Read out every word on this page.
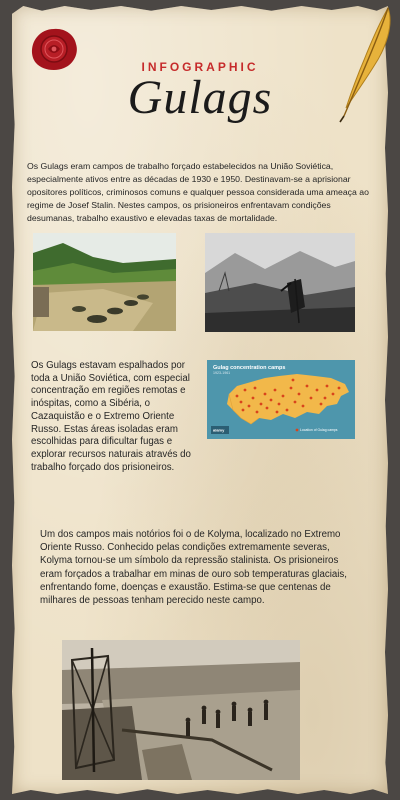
INFOGRAPHIC
Gulags
Os Gulags eram campos de trabalho forçado estabelecidos na União Soviética, especialmente ativos entre as décadas de 1930 e 1950. Destinavam-se a aprisionar opositores políticos, criminosos comuns e qualquer pessoa considerada uma ameaça ao regime de Josef Stalin. Nestes campos, os prisioneiros enfrentavam condições desumanas, trabalho exaustivo e elevadas taxas de mortalidade.
Os Gulags estavam espalhados por toda a União Soviética, com especial concentração em regiões remotas e inóspitas, como a Sibéria, o Cazaquistão e o Extremo Oriente Russo. Estas áreas isoladas eram escolhidas para dificultar fugas e explorar recursos naturais através do trabalho forçado dos prisioneiros.
Gulag concentration camps
1923-1961
Location of Gulag camps
alamy
Um dos campos mais notórios foi o de Kolyma, localizado no Extremo Oriente Russo. Conhecido pelas condições extremamente severas, Kolyma tornou-se um símbolo da repressão stalinista. Os prisioneiros eram forçados a trabalhar em minas de ouro sob temperaturas glaciais, enfrentando fome, doenças e exaustão. Estima-se que centenas de milhares de pessoas tenham perecido neste campo.
